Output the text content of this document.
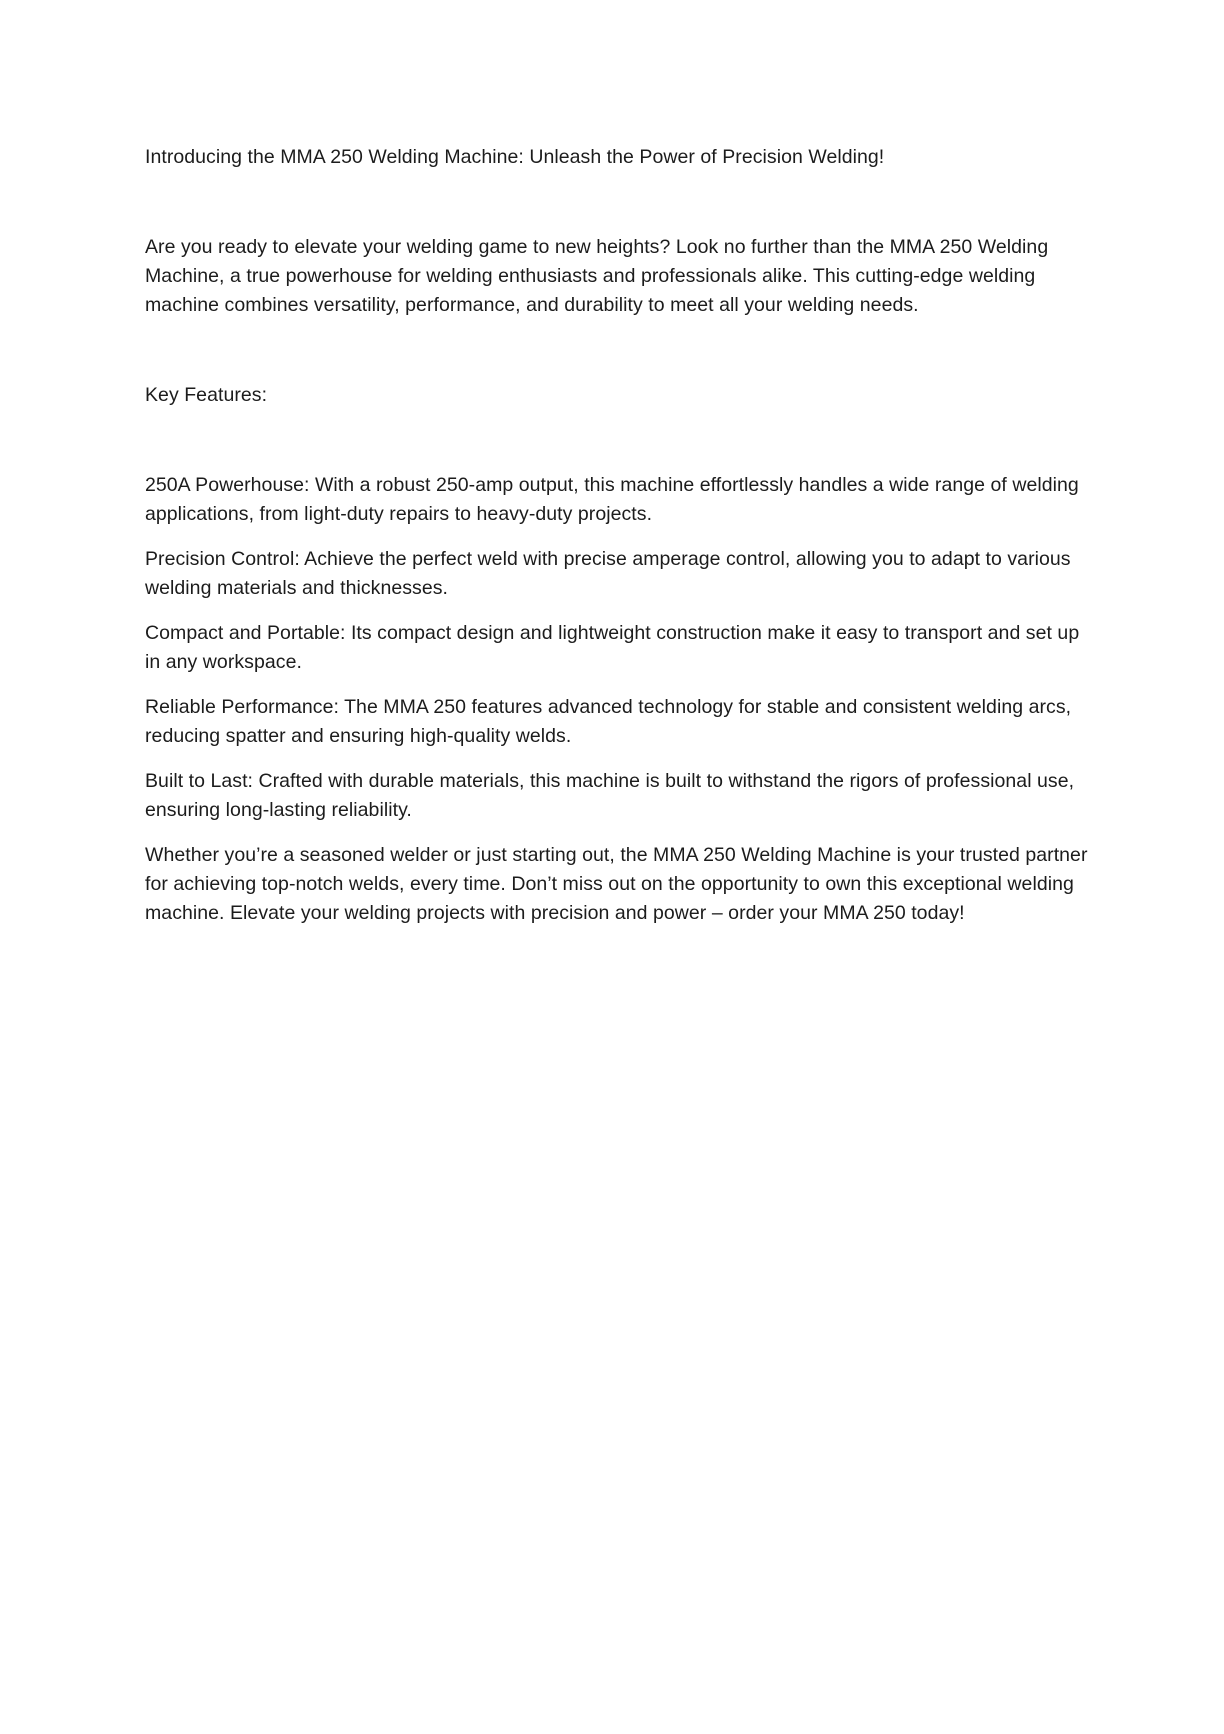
Introducing the MMA 250 Welding Machine: Unleash the Power of Precision Welding!

Are you ready to elevate your welding game to new heights? Look no further than the MMA 250 Welding Machine, a true powerhouse for welding enthusiasts and professionals alike. This cutting-edge welding machine combines versatility, performance, and durability to meet all your welding needs.

Key Features:

250A Powerhouse: With a robust 250-amp output, this machine effortlessly handles a wide range of welding applications, from light-duty repairs to heavy-duty projects.

Precision Control: Achieve the perfect weld with precise amperage control, allowing you to adapt to various welding materials and thicknesses.

Compact and Portable: Its compact design and lightweight construction make it easy to transport and set up in any workspace.

Reliable Performance: The MMA 250 features advanced technology for stable and consistent welding arcs, reducing spatter and ensuring high-quality welds.

Built to Last: Crafted with durable materials, this machine is built to withstand the rigors of professional use, ensuring long-lasting reliability.

Whether you’re a seasoned welder or just starting out, the MMA 250 Welding Machine is your trusted partner for achieving top-notch welds, every time. Don’t miss out on the opportunity to own this exceptional welding machine. Elevate your welding projects with precision and power – order your MMA 250 today!
